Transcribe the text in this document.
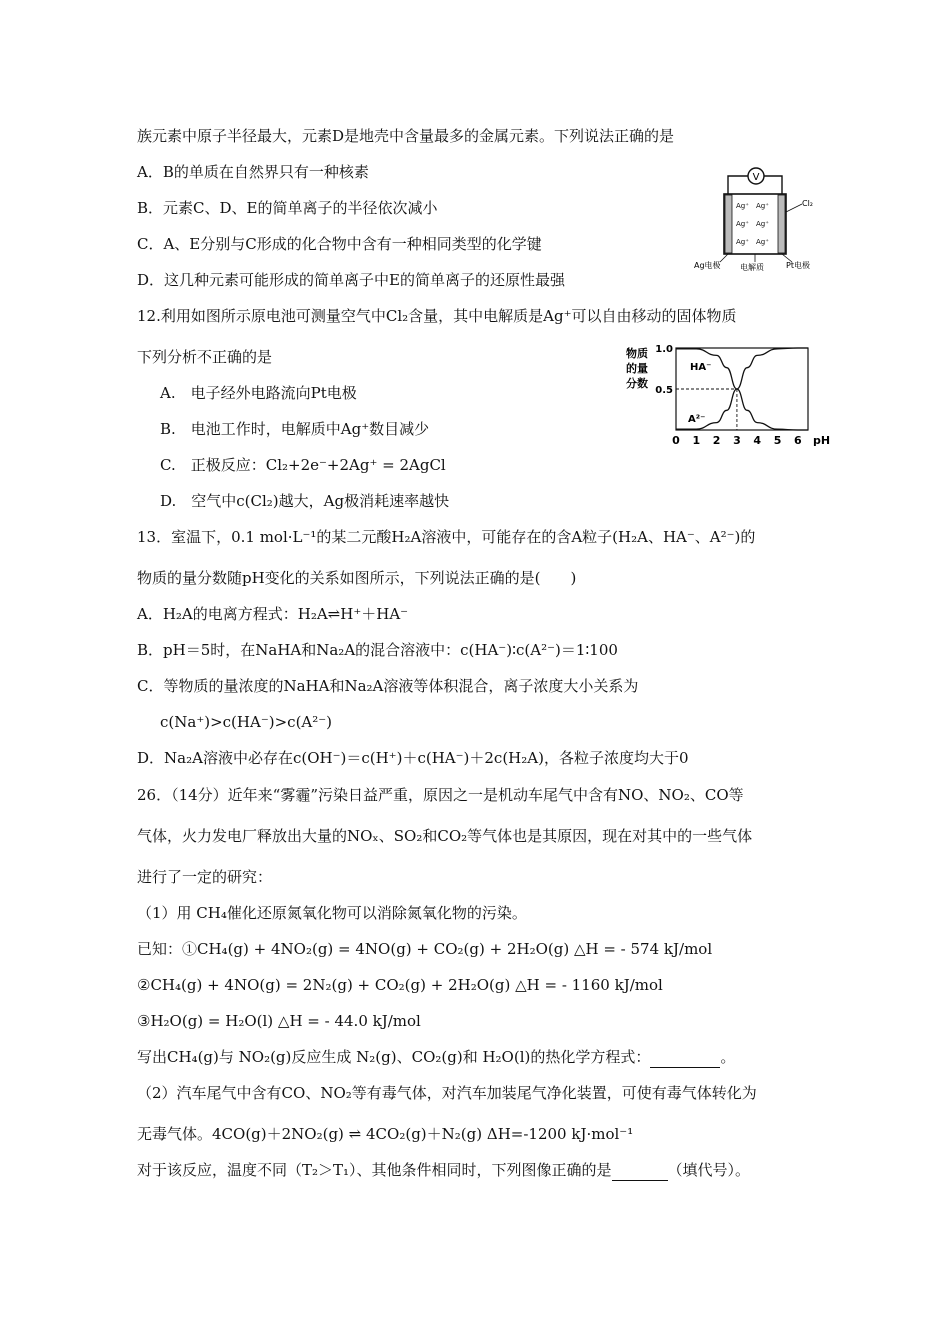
族元素中原子半径最大，元素D是地壳中含量最多的金属元素。下列说法正确的是
A．B的单质在自然界只有一种核素
B．元素C、D、E的简单离子的半径依次减小
C．A、E分别与C形成的化合物中含有一种相同类型的化学键
D．这几种元素可能形成的简单离子中E的简单离子的还原性最强
V
Ag⁺ Ag⁺
Ag⁺ Ag⁺
Ag⁺ Ag⁺
Cl₂
Ag电极 电解质	Pt电极
12.利用如图所示原电池可测量空气中Cl₂含量，其中电解质是Ag⁺可以自由移动的固体物质
下列分析不正确的是
A.　电子经外电路流向Pt电极
B.　电池工作时，电解质中Ag⁺数目减少
C.　正极反应：Cl₂+2e⁻+2Ag⁺ = 2AgCl
D.　空气中c(Cl₂)越大，Ag极消耗速率越快
物质
的量
分数
HA⁻
A²⁻
0.5
1.0
0 1 2 3 4 5 6 pH
13．室温下，0.1 mol·L⁻¹的某二元酸H₂A溶液中，可能存在的含A粒子(H₂A、HA⁻、A²⁻)的
物质的量分数随pH变化的关系如图所示，下列说法正确的是(　　)
A．H₂A的电离方程式：H₂A⇌H⁺＋HA⁻
B．pH＝5时，在NaHA和Na₂A的混合溶液中：c(HA⁻)∶c(A²⁻)＝1∶100
C．等物质的量浓度的NaHA和Na₂A溶液等体积混合，离子浓度大小关系为
c(Na⁺)>c(HA⁻)>c(A²⁻)
D．Na₂A溶液中必存在c(OH⁻)＝c(H⁺)＋c(HA⁻)＋2c(H₂A)，各粒子浓度均大于0
26．（14分）近年来“雾霾”污染日益严重，原因之一是机动车尾气中含有NO、NO₂、CO等
气体，火力发电厂释放出大量的NOₓ、SO₂和CO₂等气体也是其原因，现在对其中的一些气体
进行了一定的研究：
（1）用 CH₄催化还原氮氧化物可以消除氮氧化物的污染。
已知：①CH₄(g) + 4NO₂(g) = 4NO(g) + CO₂(g) + 2H₂O(g) △H = - 574 kJ/mol
②CH₄(g) + 4NO(g) = 2N₂(g) + CO₂(g) + 2H₂O(g) △H = - 1160 kJ/mol
③H₂O(g) = H₂O(l) △H = - 44.0 kJ/mol
写出CH₄(g)与 NO₂(g)反应生成 N₂(g)、CO₂(g)和 H₂O(l)的热化学方程式：	。
（2）汽车尾气中含有CO、NO₂等有毒气体，对汽车加装尾气净化装置，可使有毒气体转化为
无毒气体。4CO(g)＋2NO₂(g) ⇌ 4CO₂(g)＋N₂(g) ΔH=-1200 kJ·mol⁻¹
对于该反应，温度不同（T₂＞T₁）、其他条件相同时，下列图像正确的是	（填代号）。
